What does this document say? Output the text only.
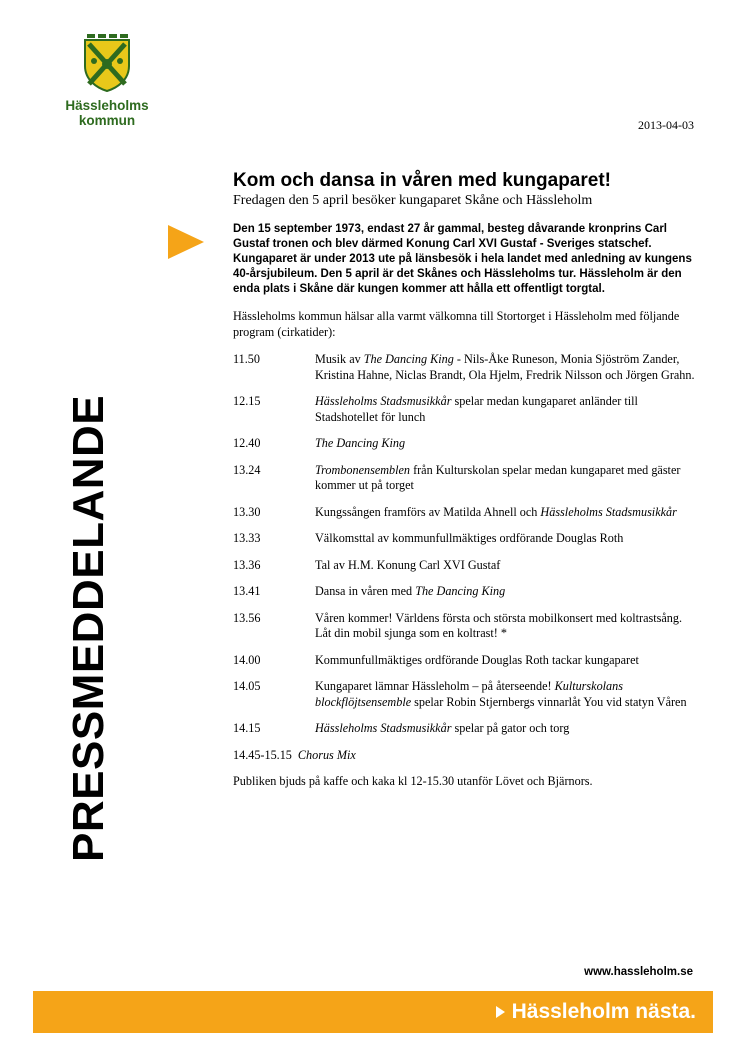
Hässleholms
kommun	2013-04-03
PRESSMEDDELANDE
Kom och dansa in våren med kungaparet!

Fredagen den 5 april besöker kungaparet Skåne och Hässleholm

Den 15 september 1973, endast 27 år gammal, besteg dåvarande kronprins Carl Gustaf tronen och blev därmed Konung Carl XVI Gustaf - Sveriges statschef. Kungaparet är under 2013 ute på länsbesök i hela landet med anledning av kungens 40-årsjubileum. Den 5 april är det Skånes och Hässleholms tur. Hässleholm är den enda plats i Skåne där kungen kommer att hålla ett offentligt torgtal.

Hässleholms kommun hälsar alla varmt välkomna till Stortorget i Hässleholm med följande program (cirkatider):

11.50	Musik av The Dancing King - Nils-Åke Runeson, Monia Sjöström Zander, Kristina Hahne, Niclas Brandt, Ola Hjelm, Fredrik Nilsson och Jörgen Grahn.
12.15	Hässleholms Stadsmusikkår spelar medan kungaparet anländer till Stadshotellet för lunch
12.40	The Dancing King
13.24	Trombonensemblen från Kulturskolan spelar medan kungaparet med gäster kommer ut på torget
13.30	Kungssången framförs av Matilda Ahnell och Hässleholms Stadsmusikkår
13.33	Välkomsttal av kommunfullmäktiges ordförande Douglas Roth
13.36	Tal av H.M. Konung Carl XVI Gustaf
13.41	Dansa in våren med The Dancing King
13.56	Våren kommer! Världens första och största mobilkonsert med koltrastsång. Låt din mobil sjunga som en koltrast! *
14.00	Kommunfullmäktiges ordförande Douglas Roth tackar kungaparet
14.05	Kungaparet lämnar Hässleholm – på återseende! Kulturskolans blockflöjtsensemble spelar Robin Stjernbergs vinnarlåt You vid statyn Våren
14.15	Hässleholms Stadsmusikkår spelar på gator och torg
14.45-15.15 Chorus Mix

Publiken bjuds på kaffe och kaka kl 12-15.30 utanför Lövet och Bjärnors.

www.hassleholm.se
Hässleholm nästa.
